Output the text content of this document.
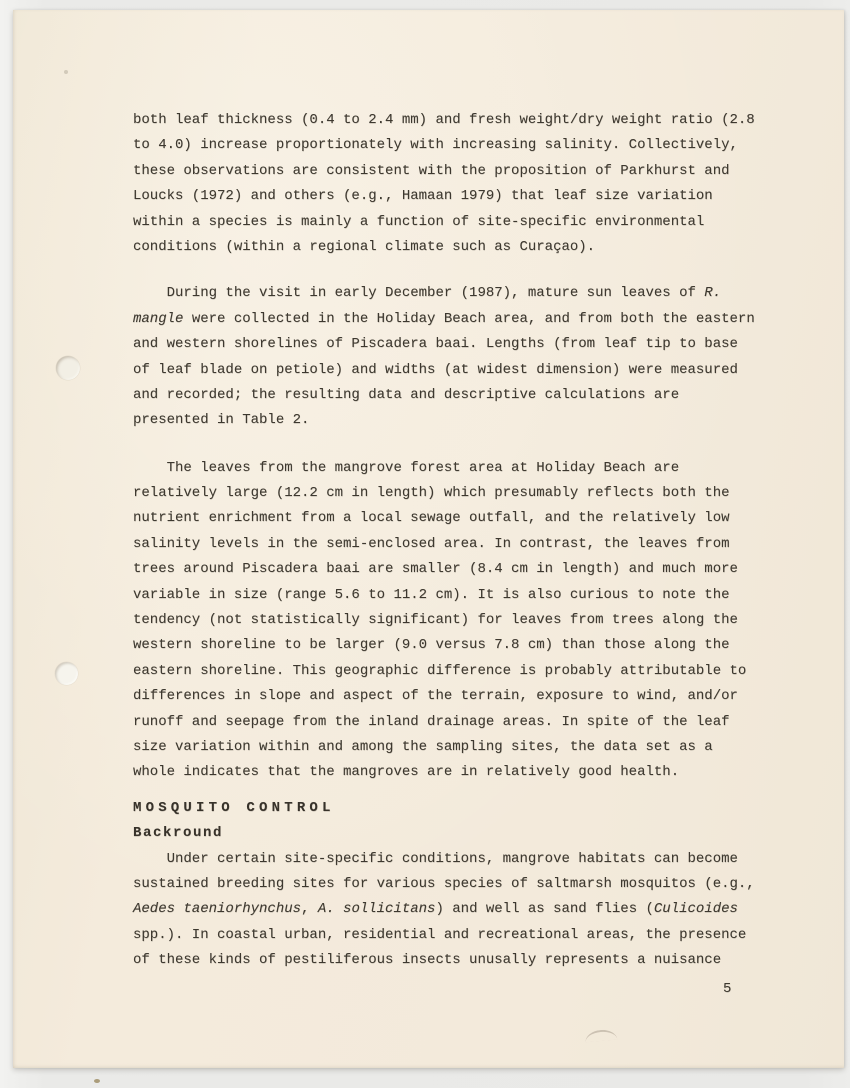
both leaf thickness (0.4 to 2.4 mm) and fresh weight/dry weight ratio (2.8
to 4.0) increase proportionately with increasing salinity. Collectively,
these observations are consistent with the proposition of Parkhurst and
Loucks (1972) and others (e.g., Hamaan 1979) that leaf size variation
within a species is mainly a function of site-specific environmental
conditions (within a regional climate such as Curaçao).
During the visit in early December (1987), mature sun leaves of R.
mangle were collected in the Holiday Beach area, and from both the eastern
and western shorelines of Piscadera baai. Lengths (from leaf tip to base
of leaf blade on petiole) and widths (at widest dimension) were measured
and recorded; the resulting data and descriptive calculations are
presented in Table 2.
The leaves from the mangrove forest area at Holiday Beach are
relatively large (12.2 cm in length) which presumably reflects both the
nutrient enrichment from a local sewage outfall, and the relatively low
salinity levels in the semi-enclosed area. In contrast, the leaves from
trees around Piscadera baai are smaller (8.4 cm in length) and much more
variable in size (range 5.6 to 11.2 cm). It is also curious to note the
tendency (not statistically significant) for leaves from trees along the
western shoreline to be larger (9.0 versus 7.8 cm) than those along the
eastern shoreline. This geographic difference is probably attributable to
differences in slope and aspect of the terrain, exposure to wind, and/or
runoff and seepage from the inland drainage areas. In spite of the leaf
size variation within and among the sampling sites, the data set as a
whole indicates that the mangroves are in relatively good health.
MOSQUITO CONTROL
Backround
Under certain site-specific conditions, mangrove habitats can become
sustained breeding sites for various species of saltmarsh mosquitos (e.g.,
Aedes taeniorhynchus, A. sollicitans) and well as sand flies (Culicoides
spp.). In coastal urban, residential and recreational areas, the presence
of these kinds of pestiliferous insects unusally represents a nuisance
5
